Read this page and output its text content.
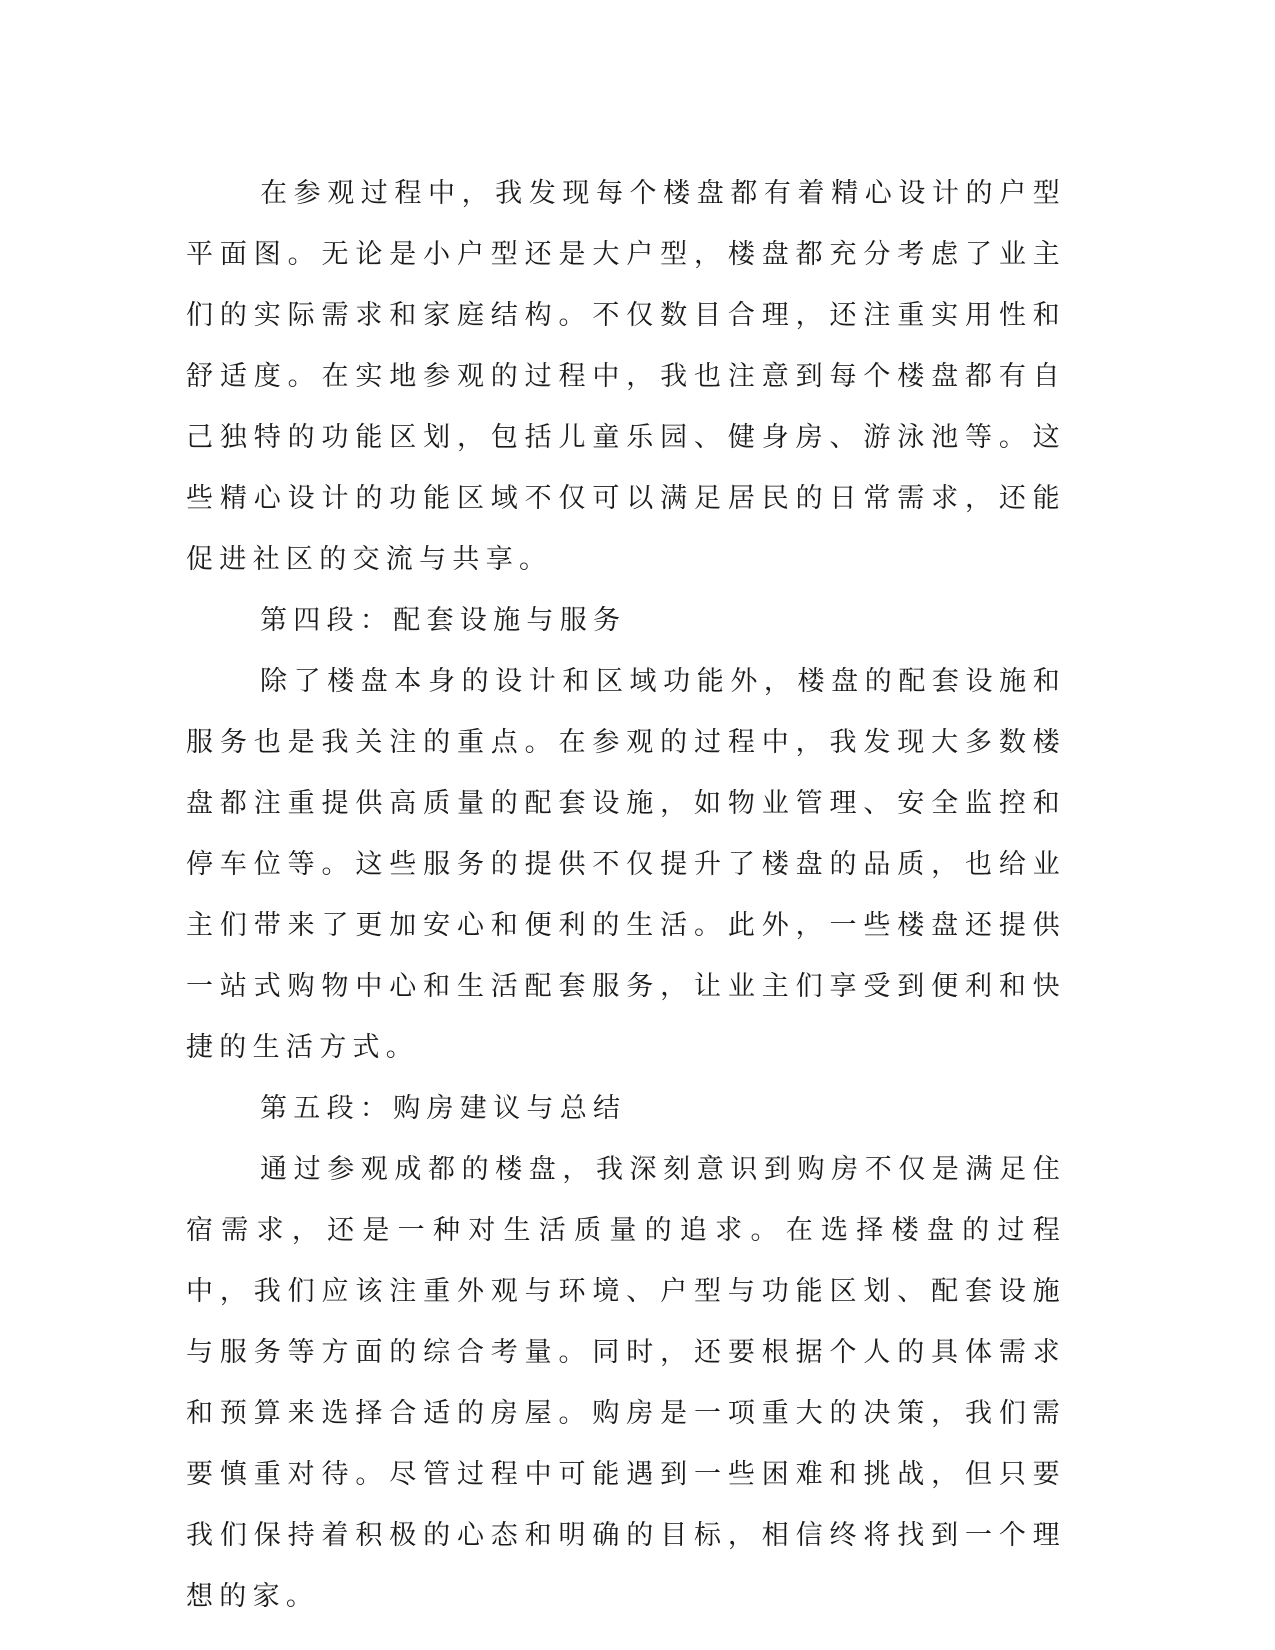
在参观过程中，我发现每个楼盘都有着精心设计的户型平面图。无论是小户型还是大户型，楼盘都充分考虑了业主们的实际需求和家庭结构。不仅数目合理，还注重实用性和舒适度。在实地参观的过程中，我也注意到每个楼盘都有自己独特的功能区划，包括儿童乐园、健身房、游泳池等。这些精心设计的功能区域不仅可以满足居民的日常需求，还能促进社区的交流与共享。

第四段：配套设施与服务

除了楼盘本身的设计和区域功能外，楼盘的配套设施和服务也是我关注的重点。在参观的过程中，我发现大多数楼盘都注重提供高质量的配套设施，如物业管理、安全监控和停车位等。这些服务的提供不仅提升了楼盘的品质，也给业主们带来了更加安心和便利的生活。此外，一些楼盘还提供一站式购物中心和生活配套服务，让业主们享受到便利和快捷的生活方式。

第五段：购房建议与总结

通过参观成都的楼盘，我深刻意识到购房不仅是满足住宿需求，还是一种对生活质量的追求。在选择楼盘的过程中，我们应该注重外观与环境、户型与功能区划、配套设施与服务等方面的综合考量。同时，还要根据个人的具体需求和预算来选择合适的房屋。购房是一项重大的决策，我们需要慎重对待。尽管过程中可能遇到一些困难和挑战，但只要我们保持着积极的心态和明确的目标，相信终将找到一个理想的家。
